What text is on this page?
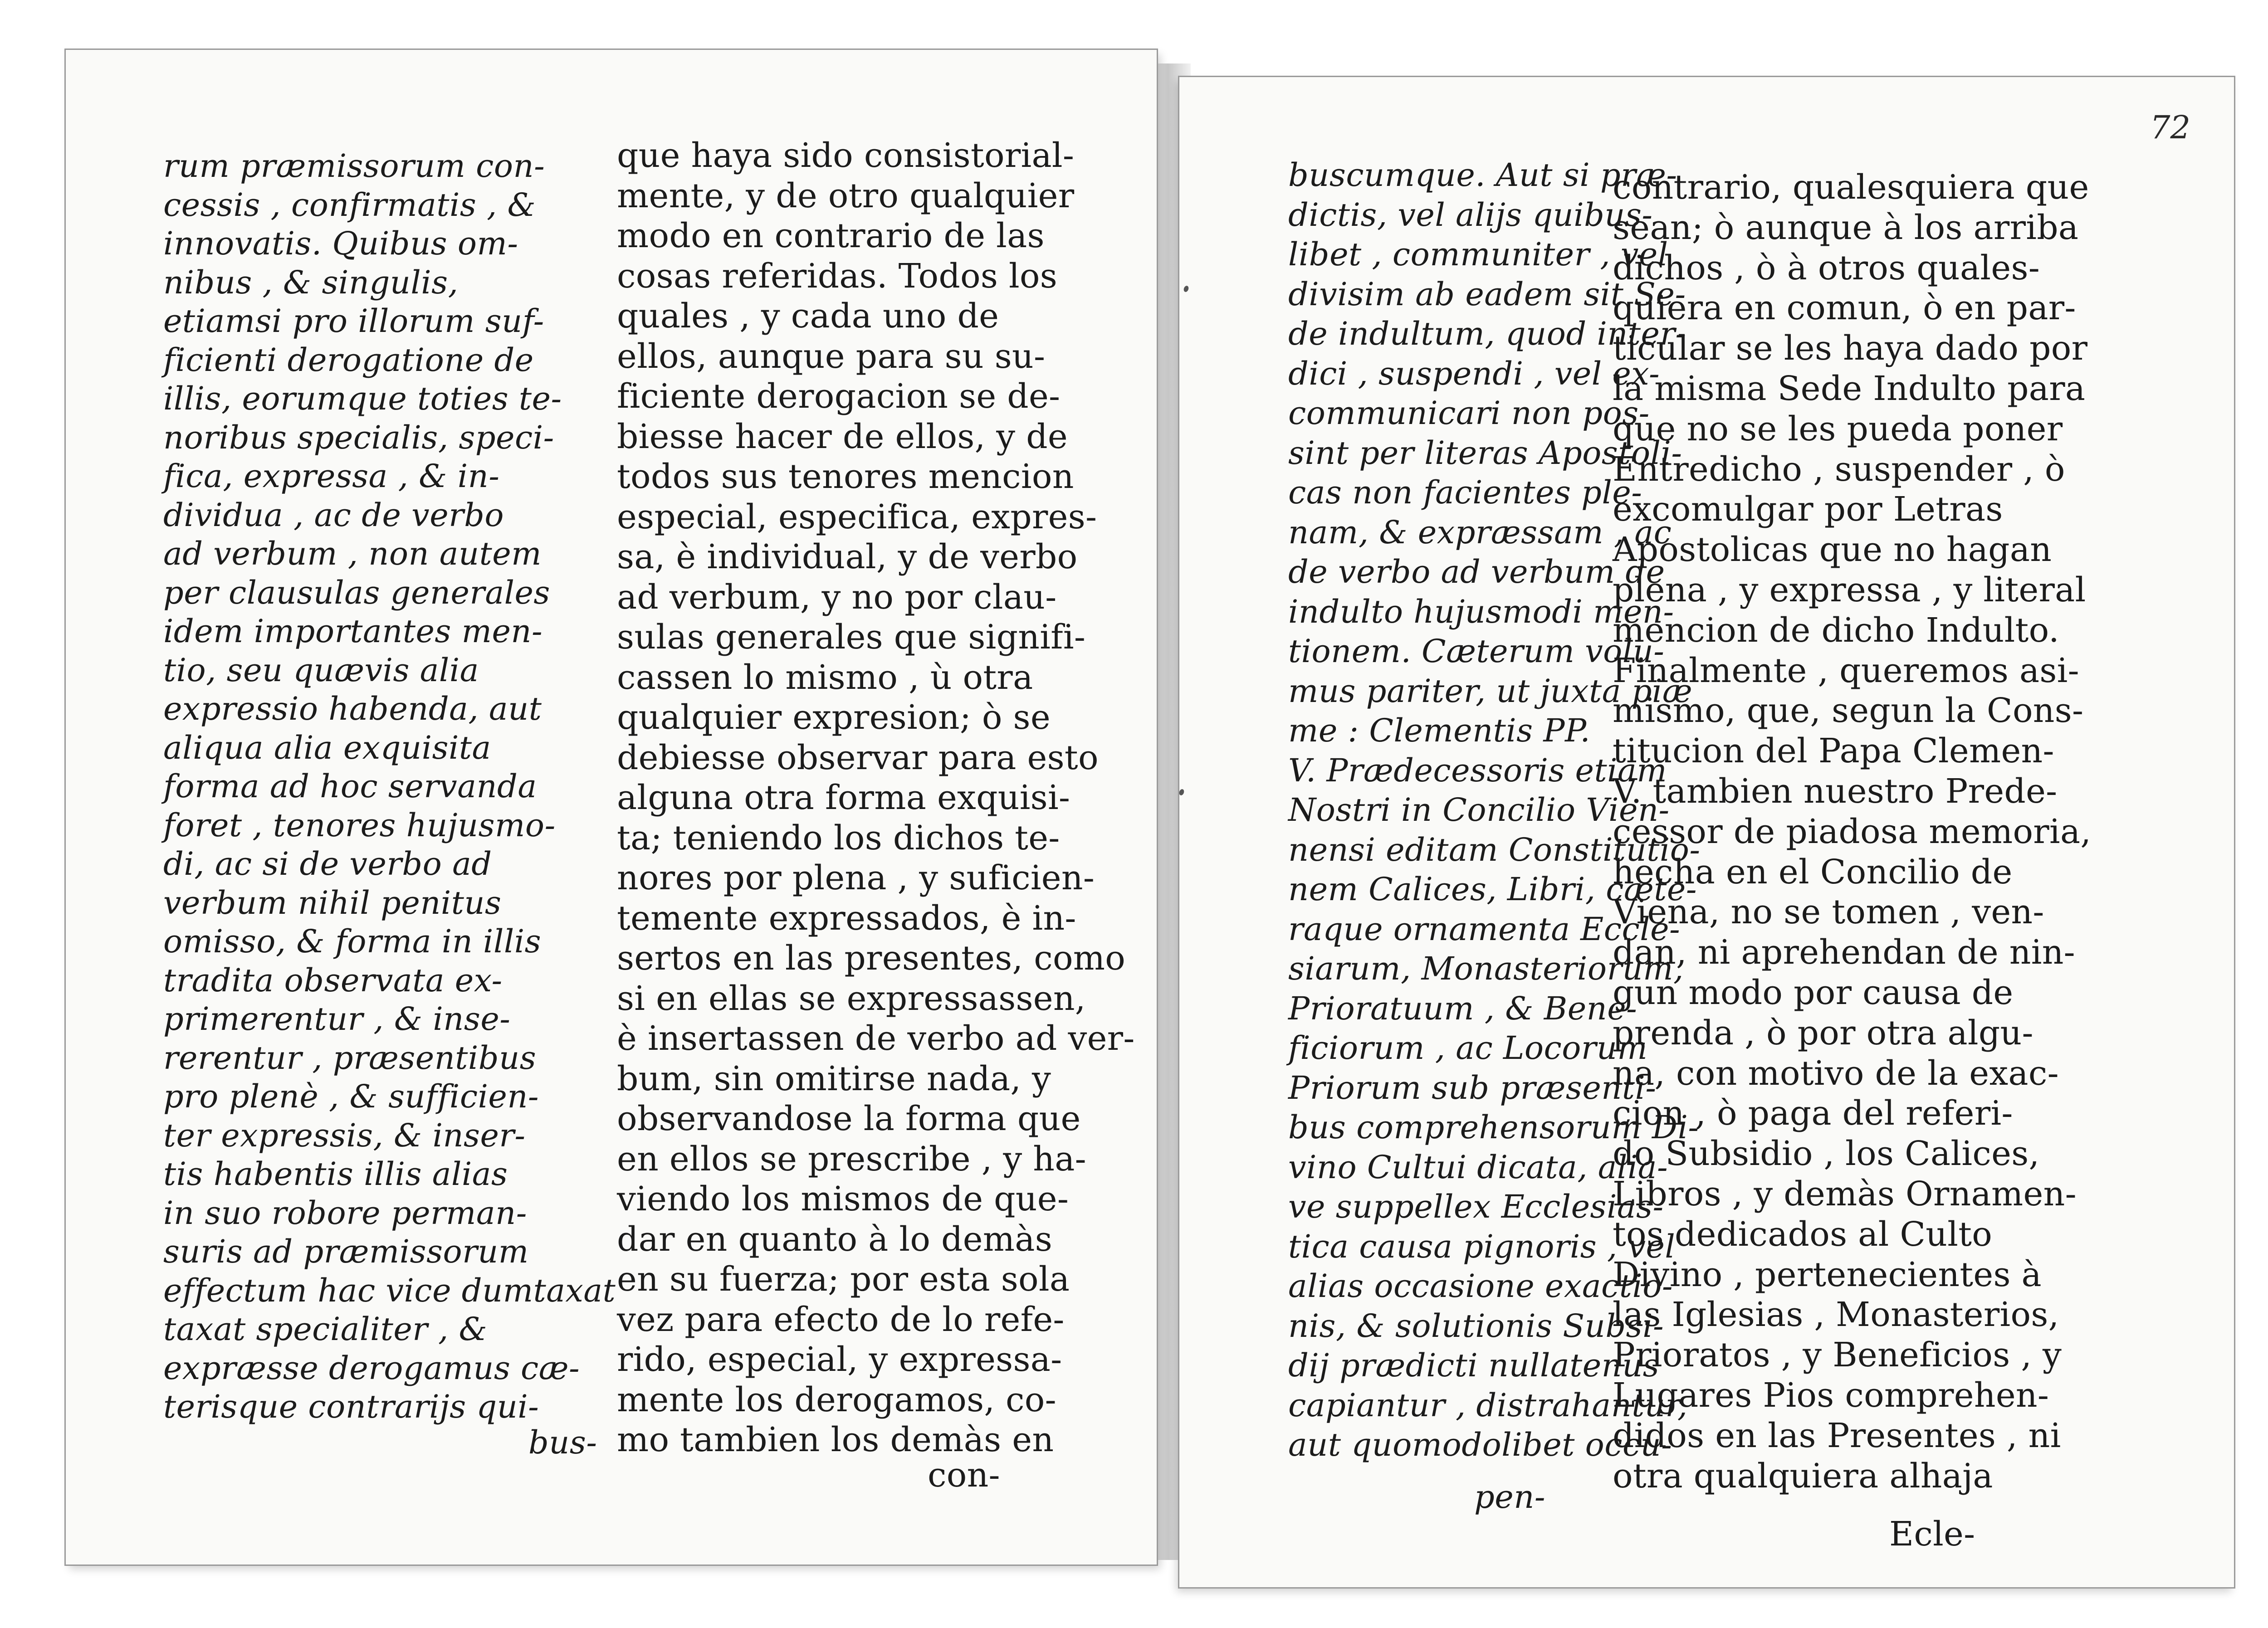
rum præmissorum con-
cessis , confirmatis , &
innovatis. Quibus om-
nibus , & singulis,
etiamsi pro illorum suf-
ficienti derogatione de
illis, eorumque toties te-
noribus specialis, speci-
fica, expressa , & in-
dividua , ac de verbo
ad verbum , non autem
per clausulas generales
idem importantes men-
tio, seu quævis alia
expressio habenda, aut
aliqua alia exquisita
forma ad hoc servanda
foret , tenores hujusmo-
di, ac si de verbo ad
verbum nihil penitus
omisso, & forma in illis
tradita observata ex-
primerentur , & inse-
rerentur , præsentibus
pro plenè , & sufficien-
ter expressis, & inser-
tis habentis illis alias
in suo robore perman-
suris ad præmissorum
effectum hac vice dumtaxat
taxat specialiter , &
expræsse derogamus cæ-
terisque contrarijs qui-
bus-
que haya sido consistorial-
mente, y de otro qualquier
modo en contrario de las
cosas referidas. Todos los
quales , y cada uno de
ellos, aunque para su su-
ficiente derogacion se de-
biesse hacer de ellos, y de
todos sus tenores mencion
especial, especifica, expres-
sa, è individual, y de verbo
ad verbum, y no por clau-
sulas generales que signifi-
cassen lo mismo , ù otra
qualquier expresion; ò se
debiesse observar para esto
alguna otra forma exquisi-
ta; teniendo los dichos te-
nores por plena , y suficien-
temente expressados, è in-
sertos en las presentes, como
si en ellas se expressassen,
è insertassen de verbo ad ver-
bum, sin omitirse nada, y
observandose la forma que
en ellos se prescribe , y ha-
viendo los mismos de que-
dar en quanto à lo demàs
en su fuerza; por esta sola
vez para efecto de lo refe-
rido, especial, y expressa-
mente los derogamos, co-
mo tambien los demàs en
con-
72
buscumque. Aut si præ-
dictis, vel alijs quibus-
libet , communiter , vel
divisim ab eadem sit Se-
de indultum, quod inter-
dici , suspendi , vel ex-
communicari non pos-
sint per literas Apostoli-
cas non facientes ple-
nam, & expræssam , ac
de verbo ad verbum de
indulto hujusmodi men-
tionem. Cæterum volu-
mus pariter, ut juxta piæ
me : Clementis PP.
V. Prædecessoris etiam
Nostri in Concilio Vien-
nensi editam Constitutio-
nem Calices, Libri, cæte-
raque ornamenta Eccle-
siarum, Monasteriorum,
Prioratuum , & Bene-
ficiorum , ac Locorum
Priorum sub præsenti-
bus comprehensorum Di-
vino Cultui dicata, alia-
ve suppellex Ecclesias-
tica causa pignoris , vel
alias occasione exactio-
nis, & solutionis Subsi-
dij prædicti nullatenus
capiantur , distrahantur,
aut quomodolibet occu-
pen-
contrario, qualesquiera que
sean; ò aunque à los arriba
dichos , ò à otros quales-
quiera en comun, ò en par-
ticular se les haya dado por
la misma Sede Indulto para
que no se les pueda poner
Entredicho , suspender , ò
excomulgar por Letras
Apostolicas que no hagan
plena , y expressa , y literal
mencion de dicho Indulto.
Finalmente , queremos asi-
mismo, que, segun la Cons-
titucion del Papa Clemen-
V. tambien nuestro Prede-
cessor de piadosa memoria,
hecha en el Concilio de
Viena, no se tomen , ven-
dan, ni aprehendan de nin-
gun modo por causa de
prenda , ò por otra algu-
na, con motivo de la exac-
cion , ò paga del referi-
do Subsidio , los Calices,
Libros , y demàs Ornamen-
tos dedicados al Culto
Divino , pertenecientes à
las Iglesias , Monasterios,
Prioratos , y Beneficios , y
Lugares Pios comprehen-
didos en las Presentes , ni
otra qualquiera alhaja
Ecle-
